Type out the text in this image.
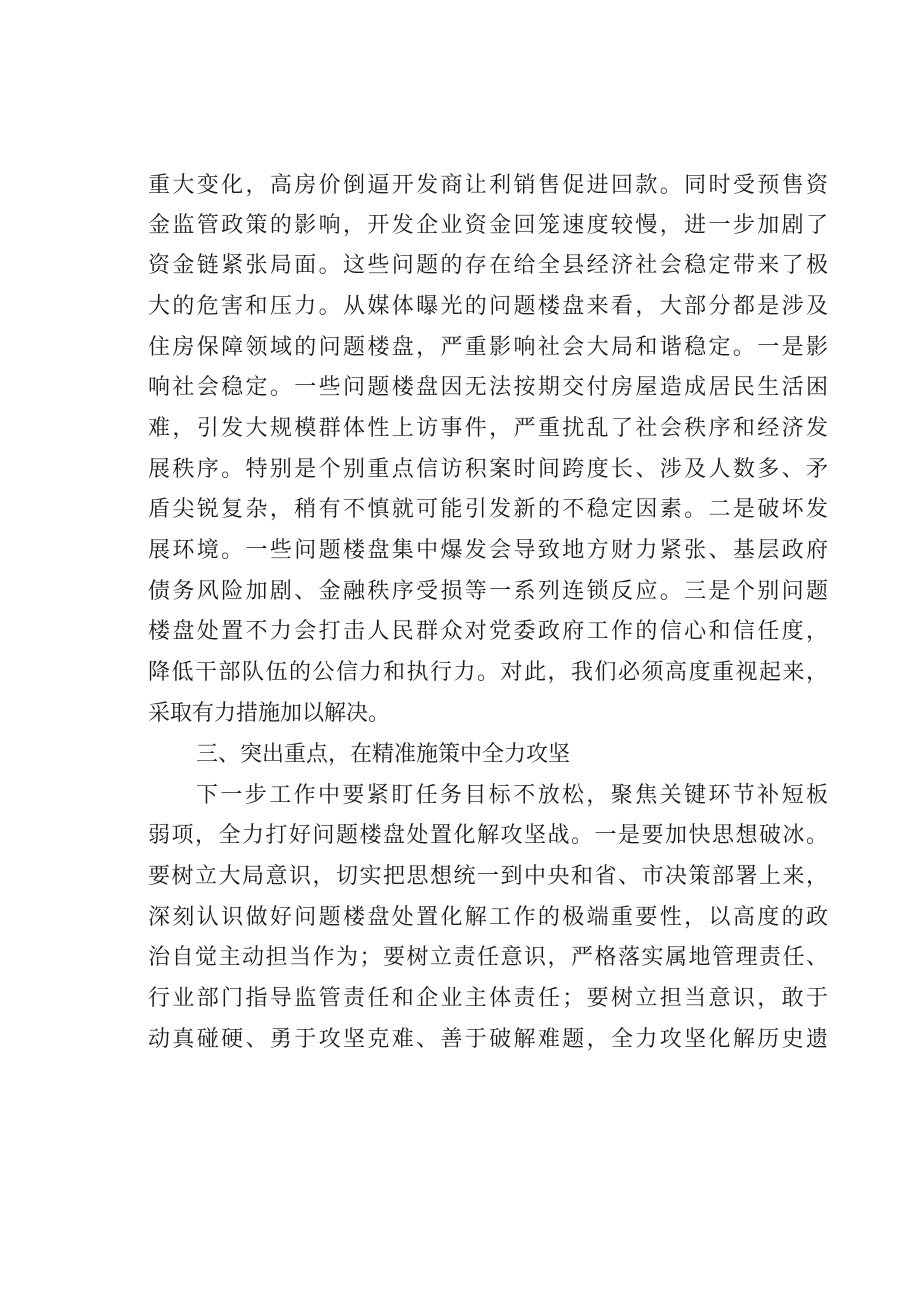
重大变化，高房价倒逼开发商让利销售促进回款。同时受预售资
金监管政策的影响，开发企业资金回笼速度较慢，进一步加剧了
资金链紧张局面。这些问题的存在给全县经济社会稳定带来了极
大的危害和压力。从媒体曝光的问题楼盘来看，大部分都是涉及
住房保障领域的问题楼盘，严重影响社会大局和谐稳定。一是影
响社会稳定。一些问题楼盘因无法按期交付房屋造成居民生活困
难，引发大规模群体性上访事件，严重扰乱了社会秩序和经济发
展秩序。特别是个别重点信访积案时间跨度长、涉及人数多、矛
盾尖锐复杂，稍有不慎就可能引发新的不稳定因素。二是破坏发
展环境。一些问题楼盘集中爆发会导致地方财力紧张、基层政府
债务风险加剧、金融秩序受损等一系列连锁反应。三是个别问题
楼盘处置不力会打击人民群众对党委政府工作的信心和信任度，
降低干部队伍的公信力和执行力。对此，我们必须高度重视起来，
采取有力措施加以解决。
三、突出重点，在精准施策中全力攻坚
下一步工作中要紧盯任务目标不放松，聚焦关键环节补短板
弱项，全力打好问题楼盘处置化解攻坚战。一是要加快思想破冰。
要树立大局意识，切实把思想统一到中央和省、市决策部署上来，
深刻认识做好问题楼盘处置化解工作的极端重要性，以高度的政
治自觉主动担当作为；要树立责任意识，严格落实属地管理责任、
行业部门指导监管责任和企业主体责任；要树立担当意识，敢于
动真碰硬、勇于攻坚克难、善于破解难题，全力攻坚化解历史遗
